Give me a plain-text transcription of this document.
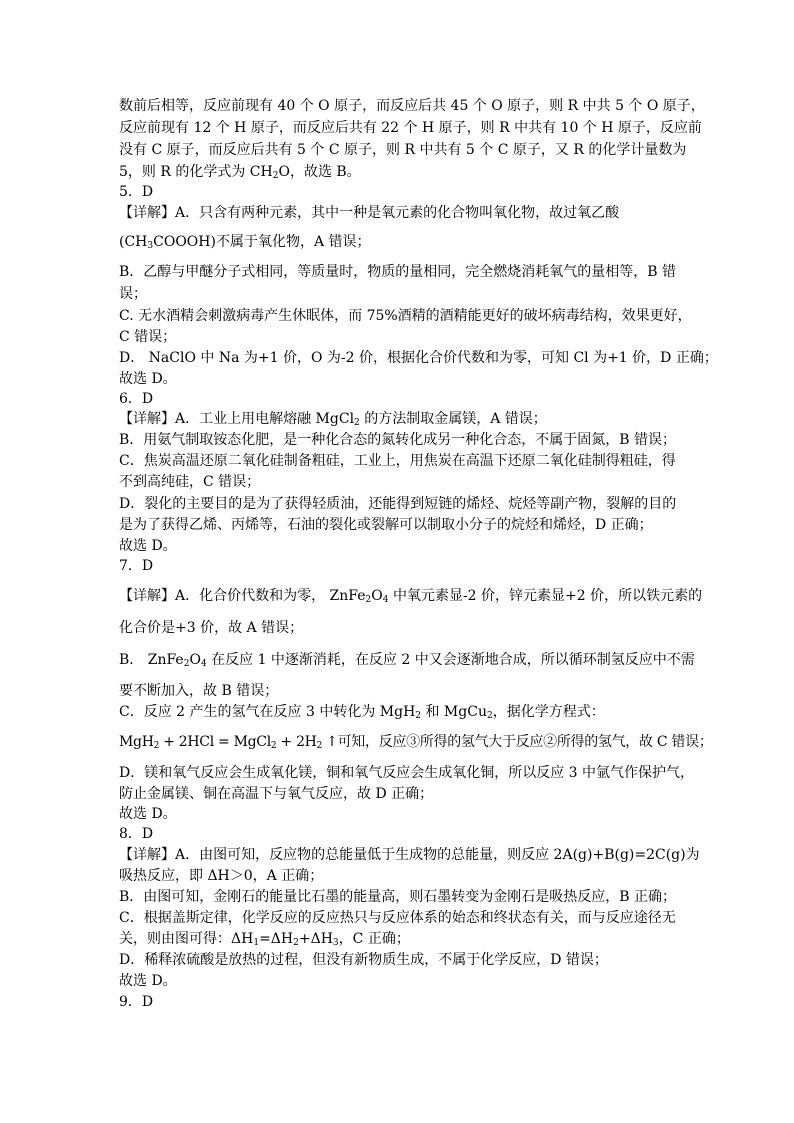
数前后相等，反应前现有 40 个 O 原子，而反应后共 45 个 O 原子，则 R 中共 5 个 O 原子，
反应前现有 12 个 H 原子，而反应后共有 22 个 H 原子，则 R 中共有 10 个 H 原子，反应前
没有 C 原子，而反应后共有 5 个 C 原子，则 R 中共有 5 个 C 原子，又 R 的化学计量数为
5，则 R 的化学式为 $CH_2O$，故选 B。
5．D
【详解】A．只含有两种元素，其中一种是氧元素的化合物叫氧化物，故过氧乙酸
$(CH_3COOOH)$不属于氧化物，A 错误；
B．乙醇与甲醚分子式相同，等质量时，物质的量相同，完全燃烧消耗氧气的量相等，B 错
误；
C. 无水酒精会刺激病毒产生休眠体，而 75%酒精的酒精能更好的破坏病毒结构，效果更好，
C 错误；
D． NaClO 中 Na 为+1 价，O 为-2 价，根据化合价代数和为零，可知 Cl 为+1 价，D 正确；
故选 D。
6．D
【详解】A．工业上用电解熔融 MgCl$_2$ 的方法制取金属镁，A 错误；
B．用氨气制取铵态化肥，是一种化合态的氮转化成另一种化合态，不属于固氮，B 错误；
C．焦炭高温还原二氧化硅制备粗硅，工业上，用焦炭在高温下还原二氧化硅制得粗硅，得
不到高纯硅，C 错误；
D．裂化的主要目的是为了获得轻质油，还能得到短链的烯烃、烷烃等副产物，裂解的目的
是为了获得乙烯、丙烯等，石油的裂化或裂解可以制取小分子的烷烃和烯烃，D 正确；
故选 D。
7．D
【详解】A．化合价代数和为零， $ZnFe_2O_4$ 中氧元素显-2 价，锌元素显+2 价，所以铁元素的
化合价是+3 价，故 A 错误；
B． $ZnFe_2O_4$ 在反应 1 中逐渐消耗，在反应 2 中又会逐渐地合成，所以循环制氢反应中不需
要不断加入，故 B 错误；
C．反应 2 产生的氢气在反应 3 中转化为 MgH$_2$ 和 MgCu$_2$，据化学方程式：
MgH$_2$ + 2HCl = MgCl$_2$ + $2H_2$ ↑可知，反应③所得的氢气大于反应②所得的氢气，故 C 错误；
D．镁和氧气反应会生成氧化镁，铜和氧气反应会生成氧化铜，所以反应 3 中氩气作保护气，
防止金属镁、铜在高温下与氧气反应，故 D 正确；
故选 D。
8．D
【详解】A．由图可知，反应物的总能量低于生成物的总能量，则反应 2A(g)+B(g)=2C(g)为
吸热反应，即 ΔH＞0，A 正确；
B．由图可知，金刚石的能量比石墨的能量高，则石墨转变为金刚石是吸热反应，B 正确；
C．根据盖斯定律，化学反应的反应热只与反应体系的始态和终状态有关，而与反应途径无
关，则由图可得：$\Delta H_1=\Delta H_2+\Delta H_3$，C 正确；
D．稀释浓硫酸是放热的过程，但没有新物质生成，不属于化学反应，D 错误；
故选 D。
9．D
